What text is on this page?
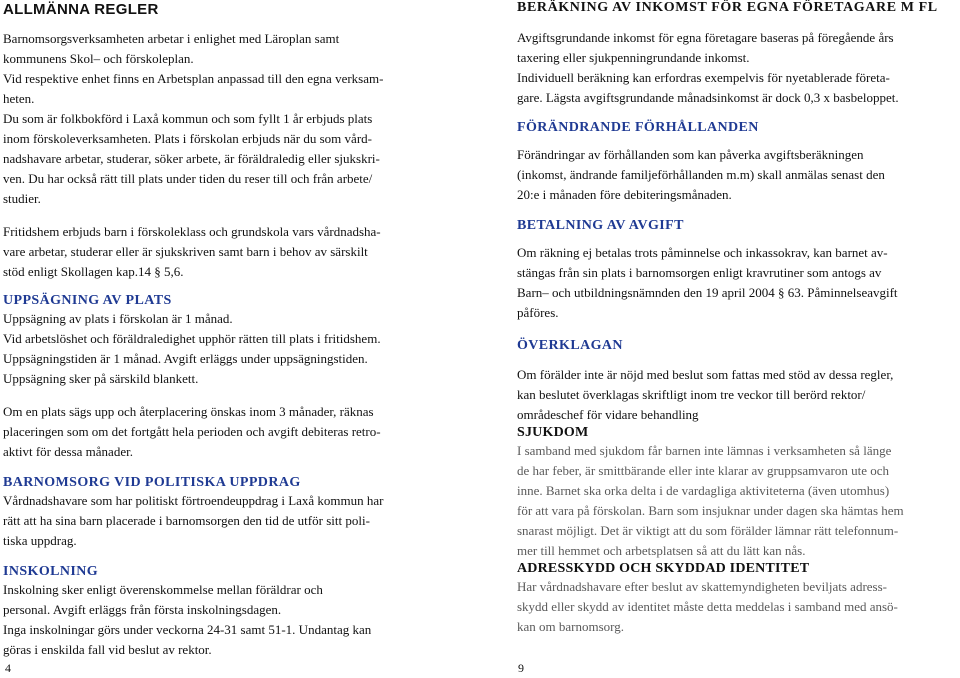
ALLMÄNNA REGLER
Barnomsorgsverksamheten arbetar i enlighet med Läroplan samt
kommunens Skol– och förskoleplan.
Vid respektive enhet finns en Arbetsplan anpassad till den egna verksam-
heten.
Du som är folkbokförd i Laxå kommun och som fyllt 1 år erbjuds plats
inom förskoleverksamheten. Plats i förskolan erbjuds när du som vård-
nadshavare arbetar, studerar, söker arbete, är föräldraledig eller sjukskri-
ven. Du har också rätt till plats under tiden du reser till och från arbete/
studier.
Fritidshem erbjuds barn i förskoleklass och grundskola vars vårdnadsha-
vare arbetar, studerar eller är sjukskriven samt barn i behov av särskilt
stöd enligt Skollagen kap.14 § 5,6.
UPPSÄGNING AV PLATS
Uppsägning av plats i förskolan är 1 månad.
Vid arbetslöshet och föräldraledighet upphör rätten till plats i fritidshem.
Uppsägningstiden är 1 månad. Avgift erläggs under uppsägningstiden.
Uppsägning sker på särskild blankett.
Om en plats sägs upp och återplacering önskas inom 3 månader, räknas
placeringen som om det fortgått hela perioden och avgift debiteras retro-
aktivt för dessa månader.
BARNOMSORG VID POLITISKA UPPDRAG
Vårdnadshavare som har politiskt förtroendeuppdrag i Laxå kommun har
rätt att ha sina barn placerade i barnomsorgen den tid de utför sitt poli-
tiska uppdrag.
INSKOLNING
Inskolning sker enligt överenskommelse mellan föräldrar och
personal. Avgift erläggs från första inskolningsdagen.
Inga inskolningar görs under veckorna 24-31 samt 51-1. Undantag kan
göras i enskilda fall vid beslut av rektor.
4
BERÄKNING AV INKOMST FÖR EGNA FÖRETAGARE M FL
Avgiftsgrundande inkomst för egna företagare baseras på föregående års
taxering eller sjukpenningrundande inkomst.
Individuell beräkning kan erfordras exempelvis för nyetablerade företa-
gare. Lägsta avgiftsgrundande månadsinkomst är dock 0,3 x basbeloppet.
FÖRÄNDRANDE FÖRHÅLLANDEN
Förändringar av förhållanden som kan påverka avgiftsberäkningen
(inkomst, ändrande familjeförhållanden m.m) skall anmälas senast den
20:e i månaden före debiteringsmånaden.
BETALNING AV AVGIFT
Om räkning ej betalas trots påminnelse och inkassokrav, kan barnet av-
stängas från sin plats i barnomsorgen enligt kravrutiner som antogs av
Barn– och utbildningsnämnden den 19 april 2004 § 63. Påminnelseavgift
påföres.
ÖVERKLAGAN
Om förälder inte är nöjd med beslut som fattas med stöd av dessa regler,
kan beslutet överklagas skriftligt inom tre veckor till berörd rektor/
områdeschef för vidare behandling
SJUKDOM
I samband med sjukdom får barnen inte lämnas i verksamheten så länge
de har feber, är smittbärande eller inte klarar av gruppsamvaron ute och
inne. Barnet ska orka delta i de vardagliga aktiviteterna (även utomhus)
för att vara på förskolan. Barn som insjuknar under dagen ska hämtas hem
snarast möjligt. Det är viktigt att du som förälder lämnar rätt telefonnum-
mer till hemmet och arbetsplatsen så att du lätt kan nås.
ADRESSKYDD OCH SKYDDAD IDENTITET
Har vårdnadshavare efter beslut av skattemyndigheten beviljats adress-
skydd eller skydd av identitet måste detta meddelas i samband med ansö-
kan om barnomsorg.
9
